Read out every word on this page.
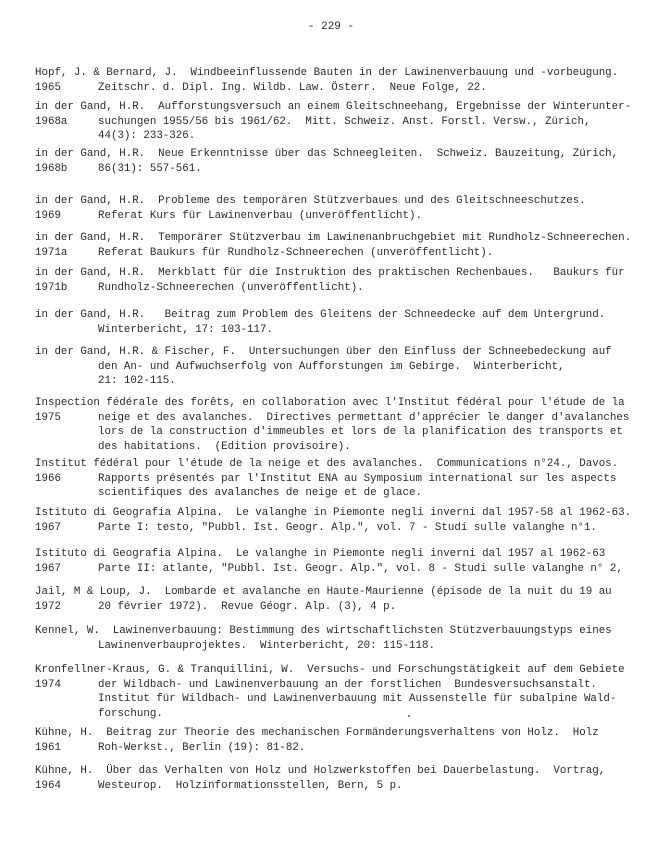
- 229 -
Hopf, J. & Bernard, J.  Windbeeinflussende Bauten in der Lawinenverbauung und -vorbeugung.
1965	Zeitschr. d. Dipl. Ing. Wildb. Law. Österr.  Neue Folge, 22.
in der Gand, H.R.  Aufforstungsversuch an einem Gleitschneehang, Ergebnisse der Winterunter-
1968a	suchungen 1955/56 bis 1961/62.  Mitt. Schweiz. Anst. Forstl. Versw., Zürich,
44(3): 233-326.
in der Gand, H.R.  Neue Erkenntnisse über das Schneegleiten.  Schweiz. Bauzeitung, Zürich,
1968b	86(31): 557-561.
in der Gand, H.R.  Probleme des temporären Stützverbaues und des Gleitschneeschutzes.
1969	Referat Kurs für Lawinenverbau (unveröffentlicht).
in der Gand, H.R.  Temporärer Stützverbau im Lawinenanbruchgebiet mit Rundholz-Schneerechen.
1971a	Referat Baukurs für Rundholz-Schneerechen (unveröffentlicht).
in der Gand, H.R.  Merkblatt für die Instruktion des praktischen Rechenbaues.   Baukurs für
1971b	Rundholz-Schneerechen (unveröffentlicht).
in der Gand, H.R.   Beitrag zum Problem des Gleitens der Schneedecke auf dem Untergrund.
Winterbericht, 17: 103-117.
in der Gand, H.R. & Fischer, F.  Untersuchungen über den Einfluss der Schneebedeckung auf
den An- und Aufwuchserfolg von Aufforstungen im Gebirge.  Winterbericht,
21: 102-115.
Inspection fédérale des forêts, en collaboration avec l'Institut fédéral pour l'étude de la
1975	neige et des avalanches.  Directives permettant d'apprécier le danger d'avalanches
lors de la construction d'immeubles et lors de la planification des transports et
des habitations.  (Edition provisoire).
Institut fédéral pour l'étude de la neige et des avalanches.  Communications n°24., Davos.
1966	Rapports présentés par l'Institut ENA au Symposium international sur les aspects
scientifiques des avalanches de neige et de glace.
Istituto di Geografia Alpina.  Le valanghe in Piemonte negli inverni dal 1957-58 al 1962-63.
1967	Parte I: testo, "Pubbl. Ist. Geogr. Alp.", vol. 7 - Studi sulle valanghe n°1.
Istituto di Geografia Alpina.  Le valanghe in Piemonte negli inverni dal 1957 al 1962-63
1967	Parte II: atlante, "Pubbl. Ist. Geogr. Alp.", vol. 8 - Studi sulle valanghe n° 2,
Jail, M & Loup, J.  Lombarde et avalanche en Haute-Maurienne (épisode de la nuit du 19 au
1972	20 février 1972).  Revue Géogr. Alp. (3), 4 p.
Kennel, W.  Lawinenverbauung: Bestimmung des wirtschaftlichsten Stützverbauungstyps eines
Lawinenverbauprojektes.  Winterbericht, 20: 115-118.
Kronfellner-Kraus, G. & Tranquillini, W.  Versuchs- und Forschungstätigkeit auf dem Gebiete
1974	der Wildbach- und Lawinenverbauung an der forstlichen  Bundesversuchsanstalt.
Institut für Wildbach- und Lawinenverbauung mit Aussenstelle für subalpine Wald-
forschung.
Kühne, H.  Beitrag zur Theorie des mechanischen Formänderungsverhaltens von Holz.  Holz
1961	Roh-Werkst., Berlin (19): 81-82.
Kühne, H.  Über das Verhalten von Holz und Holzwerkstoffen bei Dauerbelastung.  Vortrag,
1964	Westeurop.  Holzinformationsstellen, Bern, 5 p.
